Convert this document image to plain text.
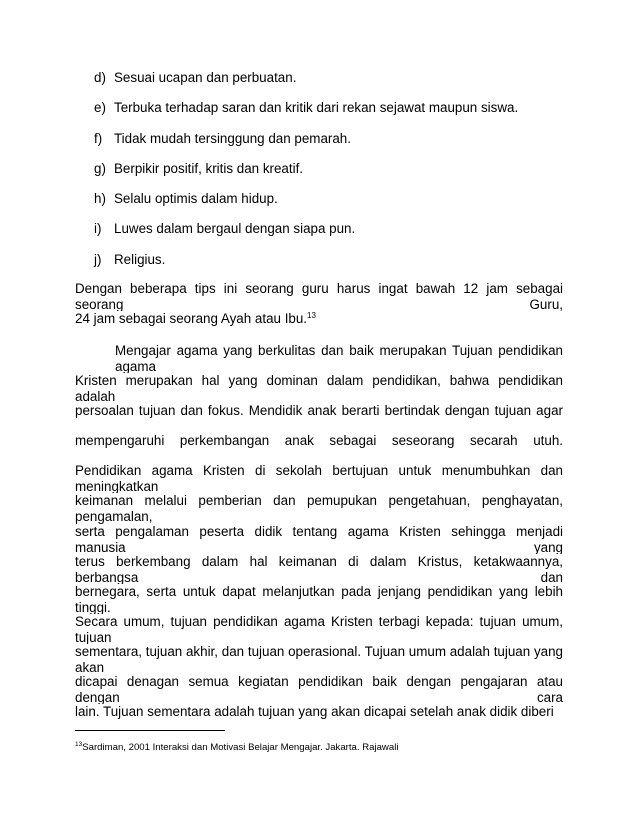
d) Sesuai ucapan dan perbuatan.
e) Terbuka terhadap saran dan kritik dari rekan sejawat maupun siswa.
f) Tidak mudah tersinggung dan pemarah.
g) Berpikir positif, kritis dan kreatif.
h) Selalu optimis dalam hidup.
i) Luwes dalam bergaul dengan siapa pun.
j) Religius.
Dengan beberapa tips ini seorang guru harus ingat bawah 12 jam sebagai seorang Guru,
24 jam sebagai seorang Ayah atau Ibu.$^{13}$
Mengajar agama yang berkulitas dan baik merupakan Tujuan pendidikan agama
Kristen merupakan hal yang dominan dalam pendidikan, bahwa pendidikan adalah
persoalan tujuan dan fokus. Mendidik anak berarti bertindak dengan tujuan agar
mempengaruhi perkembangan anak sebagai seseorang secarah utuh.
Pendidikan agama Kristen di sekolah bertujuan untuk menumbuhkan dan meningkatkan
keimanan melalui pemberian dan pemupukan pengetahuan, penghayatan, pengamalan,
serta pengalaman peserta didik tentang agama Kristen sehingga menjadi manusia yang
terus berkembang dalam hal keimanan di dalam Kristus, ketakwaannya, berbangsa dan
bernegara, serta untuk dapat melanjutkan pada jenjang pendidikan yang lebih tinggi.
Secara umum, tujuan pendidikan agama Kristen terbagi kepada: tujuan umum, tujuan
sementara, tujuan akhir, dan tujuan operasional. Tujuan umum adalah tujuan yang akan
dicapai denagan semua kegiatan pendidikan baik dengan pengajaran atau dengan cara
lain. Tujuan sementara adalah tujuan yang akan dicapai setelah anak didik diberi
$^{13}$Sardiman, 2001 Interaksi dan Motivasi Belajar Mengajar. Jakarta. Rajawali
